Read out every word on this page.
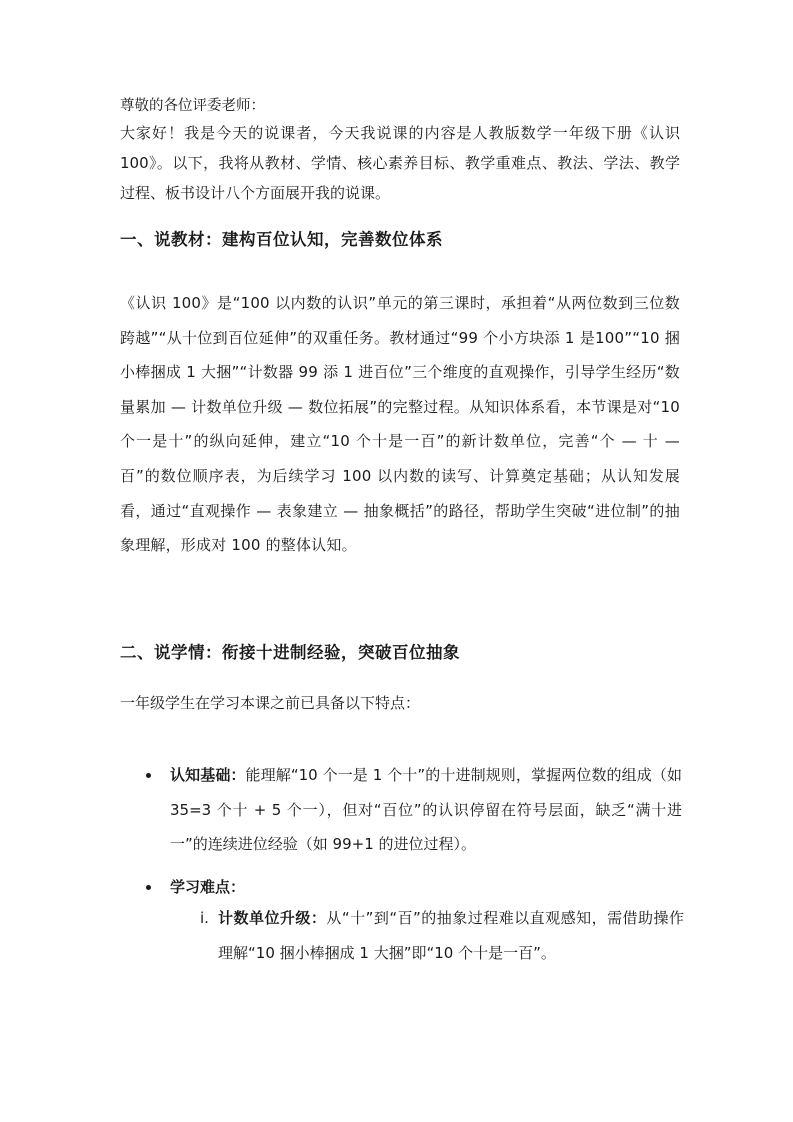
尊敬的各位评委老师：

大家好！我是今天的说课者，今天我说课的内容是人教版数学一年级下册《认识100》。以下，我将从教材、学情、核心素养目标、教学重难点、教法、学法、教学过程、板书设计八个方面展开我的说课。

一、说教材：建构百位认知，完善数位体系

《认识 100》是“100 以内数的认识”单元的第三课时，承担着“从两位数到三位数跨越”“从十位到百位延伸”的双重任务。教材通过“99 个小方块添 1 是100”“10 捆小棒捆成 1 大捆”“计数器 99 添 1 进百位”三个维度的直观操作，引导学生经历“数量累加 — 计数单位升级 — 数位拓展”的完整过程。从知识体系看，本节课是对“10 个一是十”的纵向延伸，建立“10 个十是一百”的新计数单位，完善“个 — 十 — 百”的数位顺序表，为后续学习 100 以内数的读写、计算奠定基础；从认知发展看，通过“直观操作 — 表象建立 — 抽象概括”的路径，帮助学生突破“进位制”的抽象理解，形成对 100 的整体认知。

二、说学情：衔接十进制经验，突破百位抽象

一年级学生在学习本课之前已具备以下特点：

认知基础：能理解“10 个一是 1 个十”的十进制规则，掌握两位数的组成（如 35=3 个十 + 5 个一），但对“百位”的认识停留在符号层面，缺乏“满十进一”的连续进位经验（如 99+1 的进位过程）。

学习难点：

i. 计数单位升级：从“十”到“百”的抽象过程难以直观感知，需借助操作理解“10 捆小棒捆成 1 大捆”即“10 个十是一百”。
